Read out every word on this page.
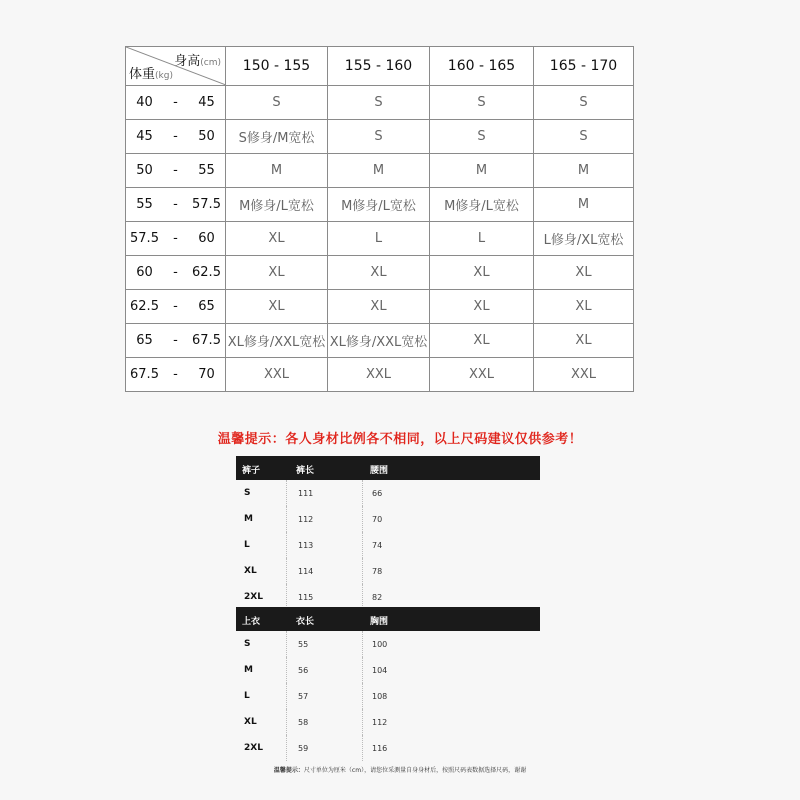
身高(cm)
体重(kg)	150 - 155	155 - 160	160 - 165	165 - 170
40 - 45	S	S	S	S
45 - 50	S修身/M宽松	S	S	S
50 - 55	M	M	M	M
55 - 57.5	M修身/L宽松	M修身/L宽松	M修身/L宽松	M
57.5 - 60	XL	L	L	L修身/XL宽松
60 - 62.5	XL	XL	XL	XL
62.5 - 65	XL	XL	XL	XL
65 - 67.5	XL修身/XXL宽松	XL修身/XXL宽松	XL	XL
67.5 - 70	XXL	XXL	XXL	XXL
温馨提示：各人身材比例各不相同，以上尺码建议仅供参考！
裤子	裤长	腰围
S	111	66
M	112	70
L	113	74
XL	114	78
2XL	115	82
上衣	衣长	胸围
S	55	100
M	56	104
L	57	108
XL	58	112
2XL	59	116
温馨提示：尺寸单位为厘米（cm），请您位采测量自身身材后，按照尺码表数据选择尺码，谢谢
